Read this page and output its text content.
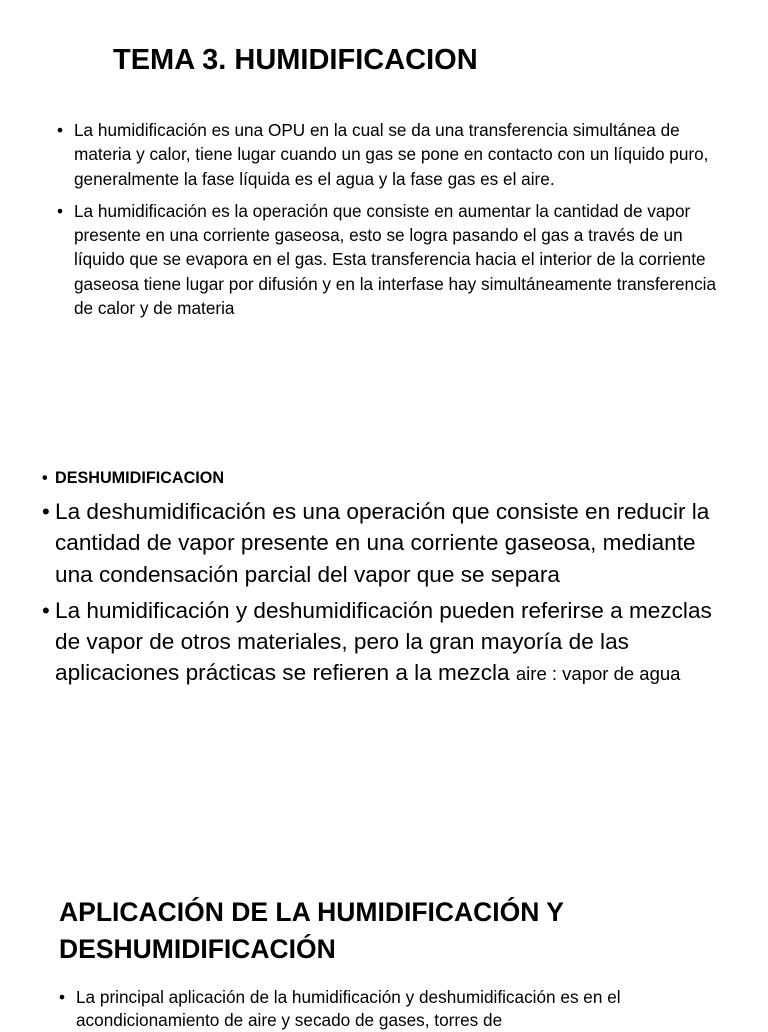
TEMA 3. HUMIDIFICACION
• La humidificación es una OPU en la cual se da una transferencia simultánea de materia y calor, tiene lugar cuando un gas se pone en contacto con un líquido puro, generalmente la fase líquida es el agua y la fase gas es el aire.
• La humidificación es la operación que consiste en aumentar la cantidad de vapor presente en una corriente gaseosa, esto se logra pasando el gas a través de un líquido que se evapora en el gas. Esta transferencia hacia el interior de la corriente gaseosa tiene lugar por difusión y en la interfase hay simultáneamente transferencia de calor y de materia
• DESHUMIDIFICACION
• La deshumidificación es una operación que consiste en reducir la cantidad de vapor presente en una corriente gaseosa, mediante una condensación parcial del vapor que se separa
• La humidificación y deshumidificación pueden referirse a mezclas de vapor de otros materiales, pero la gran mayoría de las aplicaciones prácticas se refieren a la mezcla aire : vapor de agua
APLICACIÓN DE LA HUMIDIFICACIÓN Y DESHUMIDIFICACIÓN
• La principal aplicación de la humidificación y deshumidificación es en el acondicionamiento de aire y secado de gases, torres de
